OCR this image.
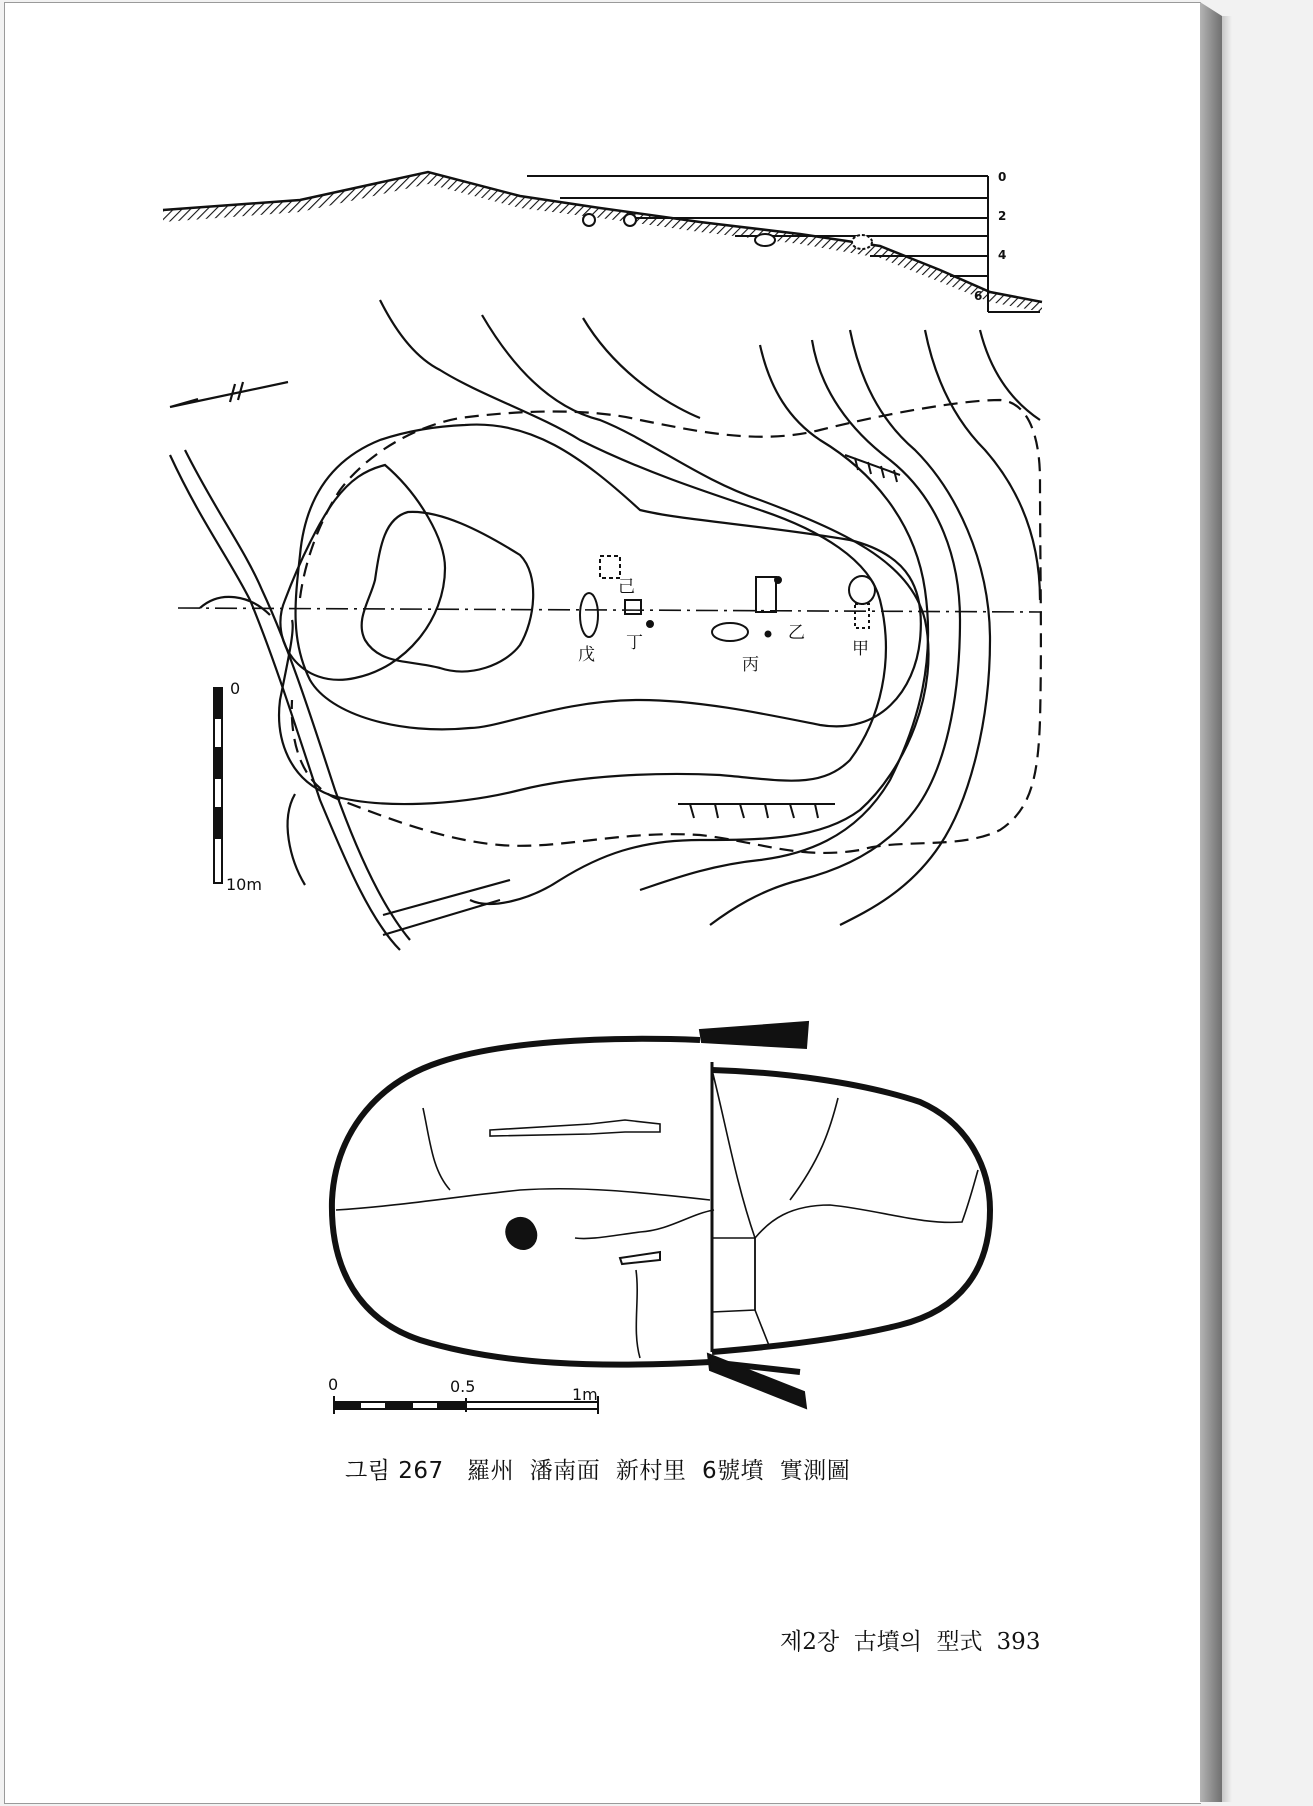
0
2
4
6
0
10m
甲
乙
丙
丁
戊
己
0	0.5	1m
그림 267 羅州  潘南面  新村里  6號墳  實測圖
제2장  古墳의  型式 393
